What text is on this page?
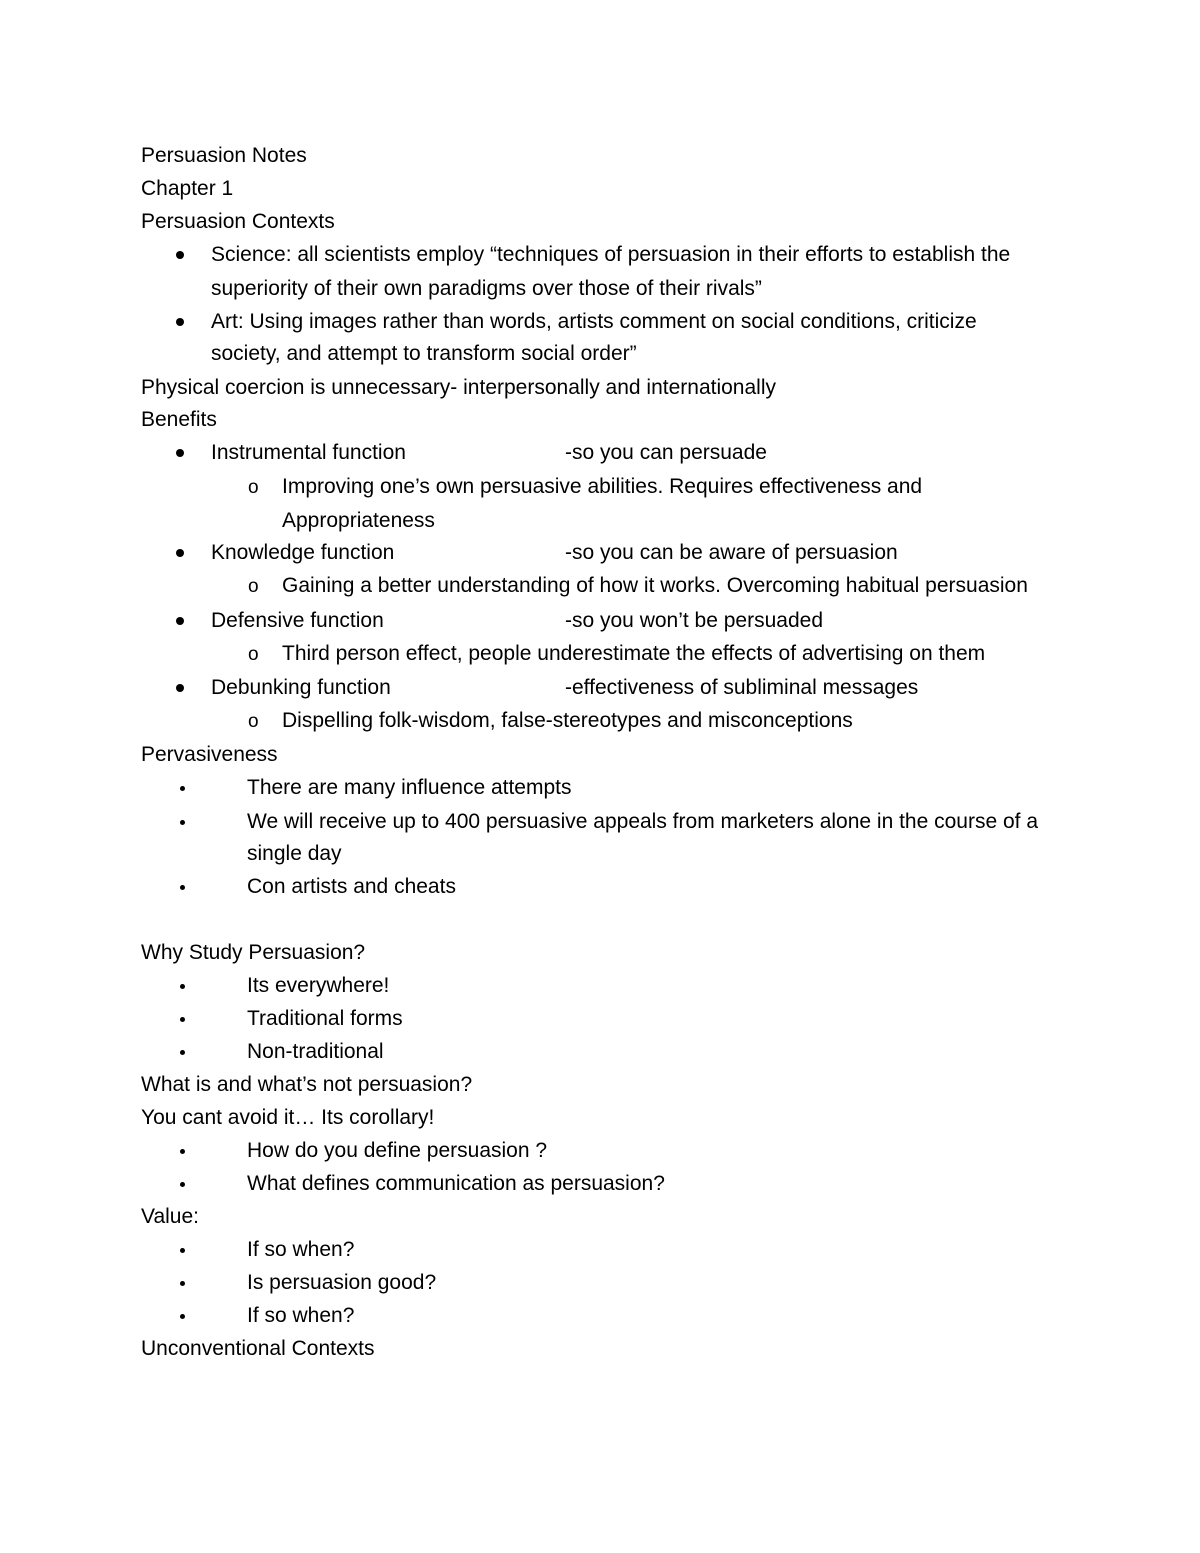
Persuasion Notes
Chapter 1
Persuasion Contexts
Science: all scientists employ “techniques of persuasion in their efforts to establish the
superiority of their own paradigms over those of their rivals”
Art: Using images rather than words, artists comment on social conditions, criticize
society, and attempt to transform social order”
Physical coercion is unnecessary- interpersonally and internationally
Benefits
Instrumental function	-so you can persuade
o Improving one’s own persuasive abilities. Requires effectiveness and
Appropriateness
Knowledge function	-so you can be aware of persuasion
o Gaining a better understanding of how it works. Overcoming habitual persuasion
Defensive function	-so you won’t be persuaded
o Third person effect, people underestimate the effects of advertising on them
Debunking function	-effectiveness of subliminal messages
o Dispelling folk-wisdom, false-stereotypes and misconceptions
Pervasiveness
There are many influence attempts
We will receive up to 400 persuasive appeals from marketers alone in the course of a
single day
Con artists and cheats
Why Study Persuasion?
Its everywhere!
Traditional forms
Non-traditional
What is and what’s not persuasion?
You cant avoid it… Its corollary!
How do you define persuasion ?
What defines communication as persuasion?
Value:
If so when?
Is persuasion good?
If so when?
Unconventional Contexts
